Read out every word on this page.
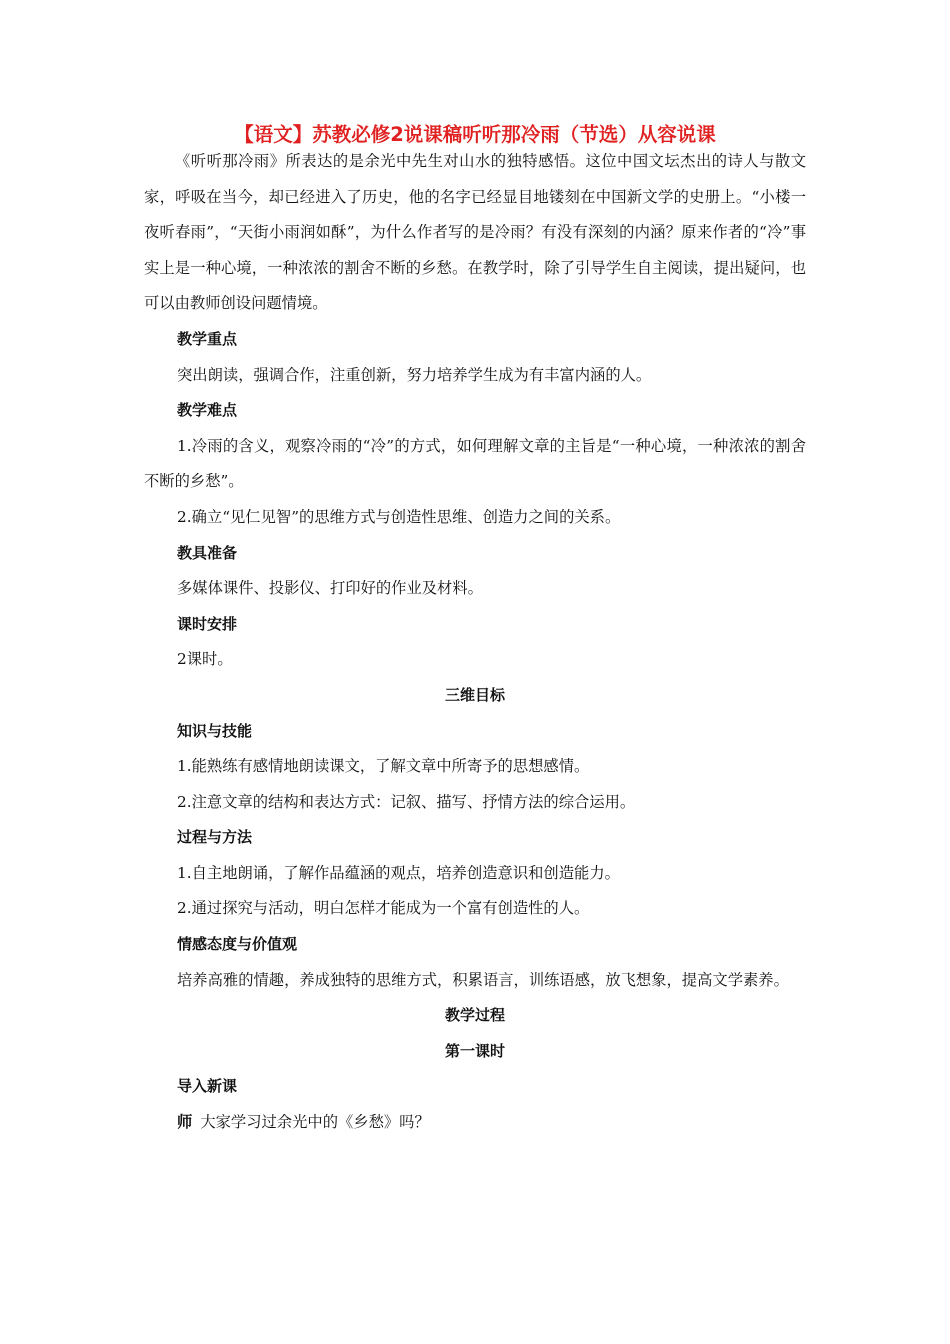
【语文】苏教必修2说课稿听听那冷雨（节选）从容说课

《听听那冷雨》所表达的是余光中先生对山水的独特感悟。这位中国文坛杰出的诗人与散文家，呼吸在当今，却已经进入了历史，他的名字已经显目地镂刻在中国新文学的史册上。“小楼一夜听春雨”，“天街小雨润如酥”，为什么作者写的是冷雨？有没有深刻的内涵？原来作者的“冷”事实上是一种心境，一种浓浓的割舍不断的乡愁。在教学时，除了引导学生自主阅读，提出疑问，也可以由教师创设问题情境。

教学重点

突出朗读，强调合作，注重创新，努力培养学生成为有丰富内涵的人。

教学难点

1.冷雨的含义，观察冷雨的“冷”的方式，如何理解文章的主旨是“一种心境，一种浓浓的割舍不断的乡愁”。

2.确立“见仁见智”的思维方式与创造性思维、创造力之间的关系。

教具准备

多媒体课件、投影仪、打印好的作业及材料。

课时安排

2课时。

三维目标
知识与技能

1.能熟练有感情地朗读课文，了解文章中所寄予的思想感情。

2.注意文章的结构和表达方式：记叙、描写、抒情方法的综合运用。

过程与方法

1.自主地朗诵，了解作品蕴涵的观点，培养创造意识和创造能力。

2.通过探究与活动，明白怎样才能成为一个富有创造性的人。

情感态度与价值观

培养高雅的情趣，养成独特的思维方式，积累语言，训练语感，放飞想象，提高文学素养。

教学过程
第一课时
导入新课

师 大家学习过余光中的《乡愁》吗？
